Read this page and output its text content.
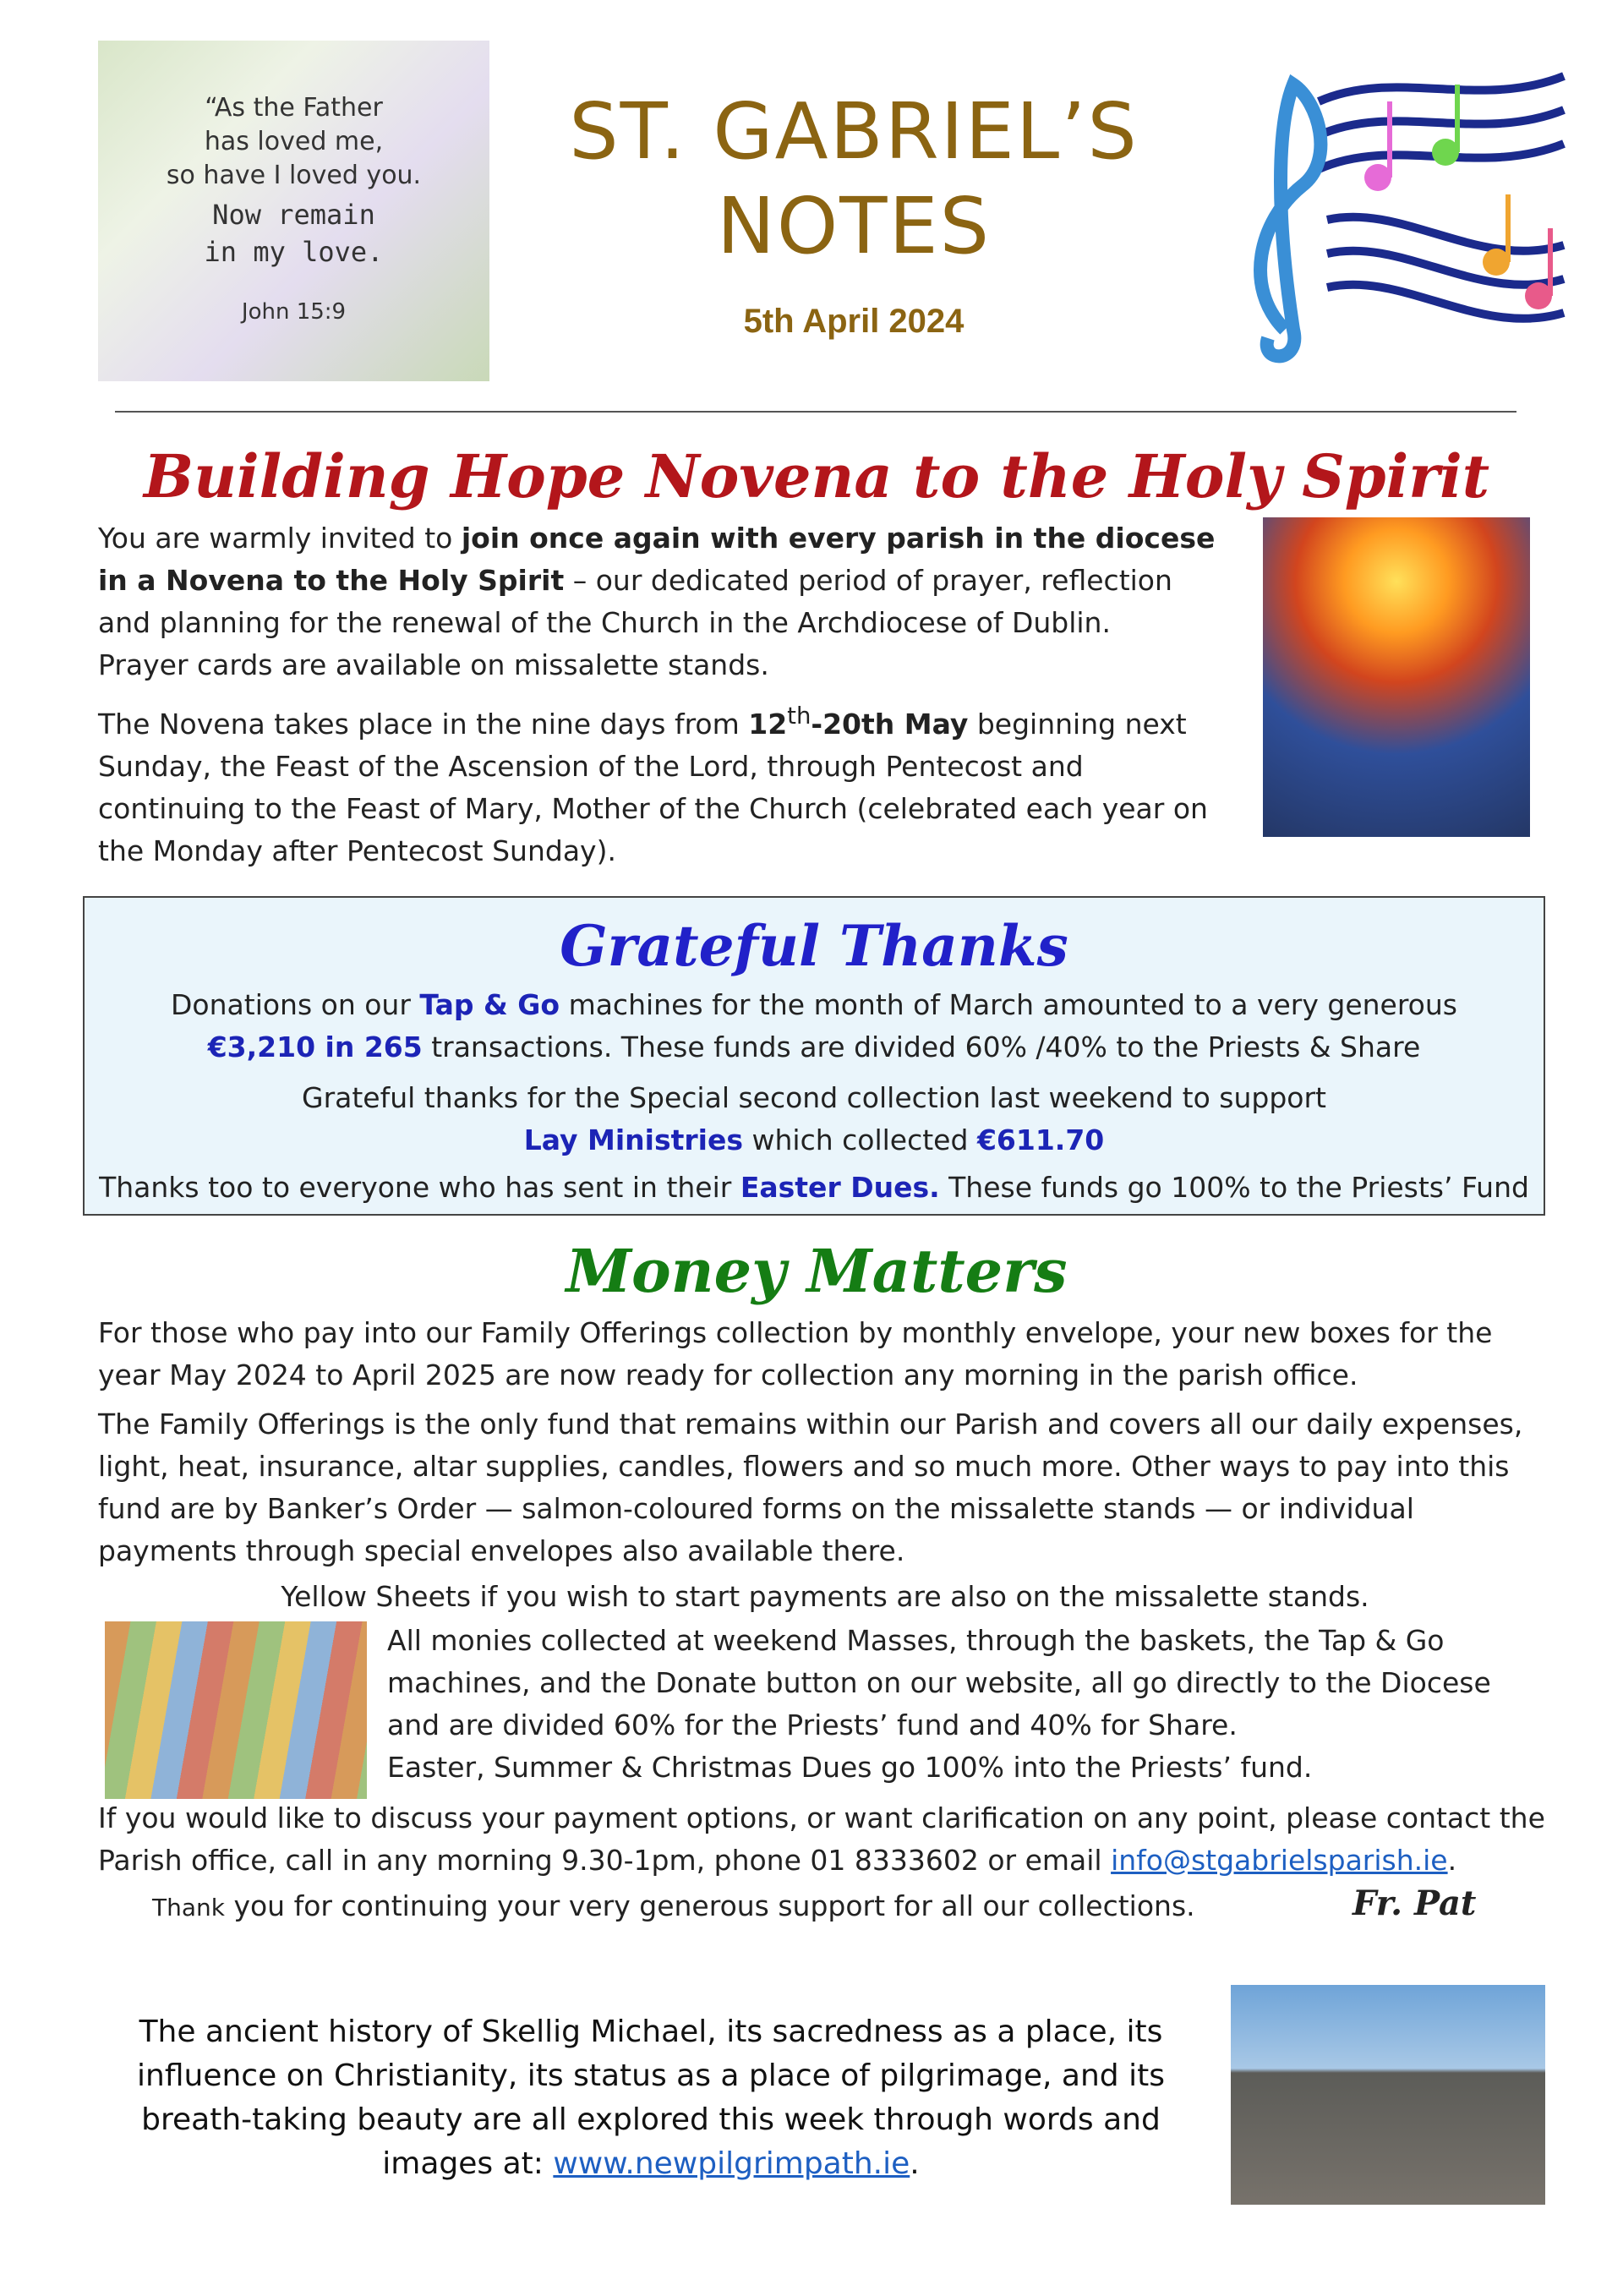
“As the Father
has loved me,
so have I loved you.
Now remain
in my love.
John 15:9
ST. GABRIEL’S
NOTES
5th April 2024
Building Hope Novena to the Holy Spirit

You are warmly invited to join once again with every parish in the diocese in a Novena to the Holy Spirit – our dedicated period of prayer, reflection and planning for the renewal of the Church in the Archdiocese of Dublin.
Prayer cards are available on missalette stands.

The Novena takes place in the nine days from 12th-20th May beginning next Sunday, the Feast of the Ascension of the Lord, through Pentecost and continuing to the Feast of Mary, Mother of the Church (celebrated each year on the Monday after Pentecost Sunday).

Grateful Thanks
Donations on our Tap & Go machines for the month of March amounted to a very generous
€3,210 in 265 transactions. These funds are divided 60% /40% to the Priests & Share
Grateful thanks for the Special second collection last weekend to support
Lay Ministries which collected €611.70
Thanks too to everyone who has sent in their Easter Dues. These funds go 100% to the Priests’ Fund
Money Matters

For those who pay into our Family Offerings collection by monthly envelope, your new boxes for the year May 2024 to April 2025 are now ready for collection any morning in the parish office.

The Family Offerings is the only fund that remains within our Parish and covers all our daily expenses, light, heat, insurance, altar supplies, candles, flowers and so much more. Other ways to pay into this fund are by Banker’s Order — salmon-coloured forms on the missalette stands — or individual payments through special envelopes also available there.

Yellow Sheets if you wish to start payments are also on the missalette stands.

All monies collected at weekend Masses, through the baskets, the Tap & Go machines, and the Donate button on our website, all go directly to the Diocese and are divided 60% for the Priests’ fund and 40% for Share.
Easter, Summer & Christmas Dues go 100% into the Priests’ fund.
If you would like to discuss your payment options, or want clarification on any point, please contact the Parish office, call in any morning 9.30-1pm, phone 01 8333602 or email info@stgabrielsparish.ie.
Thank you for continuing your very generous support for all our collections.	Fr. Pat
The ancient history of Skellig Michael, its sacredness as a place, its influence on Christianity, its status as a place of pilgrimage, and its breath-taking beauty are all explored this week through words and images at: www.newpilgrimpath.ie.
